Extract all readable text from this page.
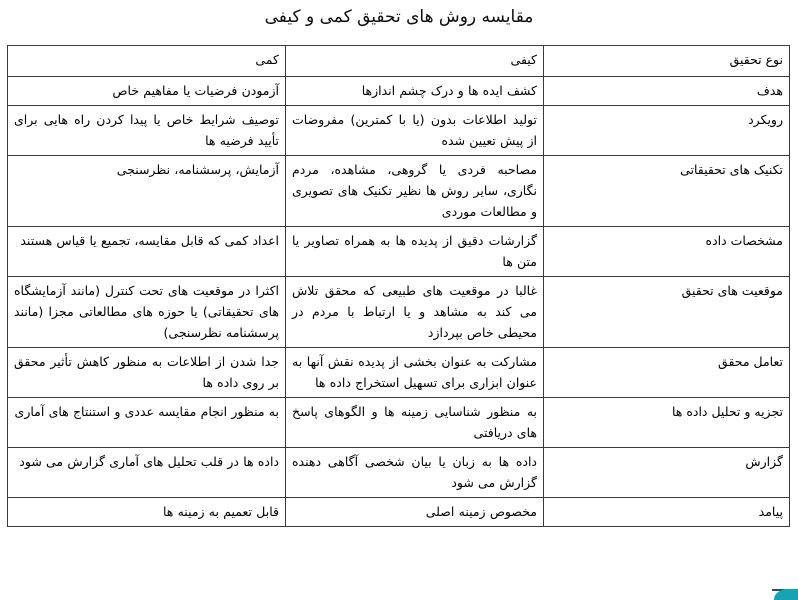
مقایسه روش های تحقیق کمی و کیفی
نوع تحقیق	کیفی	کمی
هدف	کشف ایده ها و درک چشم اندازها	آزمودن فرضیات یا مفاهیم خاص
رویکرد	تولید اطلاعات بدون (یا با کمترین) مفروضات از پیش تعیین شده	توصیف شرایط خاص یا پیدا کردن راه هایی برای تأیید فرضیه ها
تکنیک های تحقیقاتی	مصاحبه فردی یا گروهی، مشاهده، مردم نگاری، سایر روش ها نظیر تکنیک های تصویری و مطالعات موردی	آزمایش، پرسشنامه، نظرسنجی
مشخصات داده	گزارشات دقیق از پدیده ها به همراه تصاویر یا متن ها	اعداد کمی که قابل مقایسه، تجمیع یا قیاس هستند
موقعیت های تحقیق	غالبا در موقعیت های طبیعی که محقق تلاش می کند به مشاهد و یا ارتباط با مردم در محیطی خاص بپردازد	اکثرا در موقعیت های تحت کنترل (مانند آزمایشگاه های تحقیقاتی) یا حوزه های مطالعاتی مجزا (مانند پرسشنامه نظرسنجی)
تعامل محقق	مشارکت به عنوان بخشی از پدیده نقش آنها به عنوان ابزاری برای تسهیل استخراج داده ها	جدا شدن از اطلاعات به منظور کاهش تأثیر محقق بر روی داده ها
تجزیه و تحلیل داده ها	به منظور شناسایی زمینه ها و الگوهای پاسخ های دریافتی	به منظور انجام مقایسه عددی و استنتاج های آماری
گزارش	داده ها به زبان یا بیان شخصی آگاهی دهنده گزارش می شود	داده ها در قلب تحلیل های آماری گزارش می شود
پیامد	مخصوص زمینه اصلی	قابل تعمیم به زمینه ها
